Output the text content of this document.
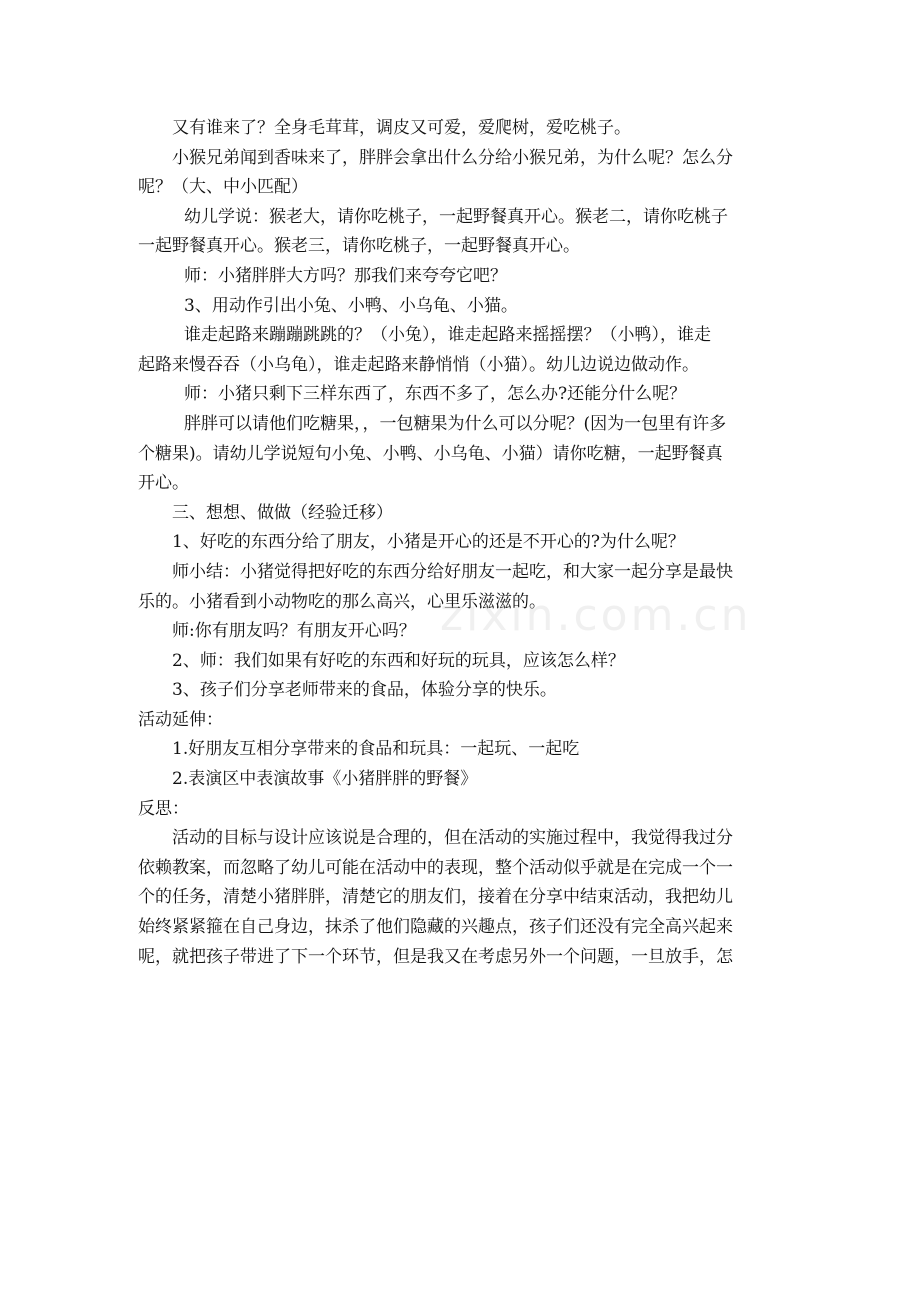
又有谁来了？全身毛茸茸，调皮又可爱，爱爬树，爱吃桃子。

小猴兄弟闻到香味来了，胖胖会拿出什么分给小猴兄弟，为什么呢？怎么分

呢？（大、中小匹配）

幼儿学说：猴老大，请你吃桃子，一起野餐真开心。猴老二，请你吃桃子

一起野餐真开心。猴老三，请你吃桃子，一起野餐真开心。

师：小猪胖胖大方吗？那我们来夸夸它吧？

3、用动作引出小兔、小鸭、小乌龟、小猫。

谁走起路来蹦蹦跳跳的？（小兔），谁走起路来摇摇摆？（小鸭），谁走

起路来慢吞吞（小乌龟），谁走起路来静悄悄（小猫）。幼儿边说边做动作。

师：小猪只剩下三样东西了，东西不多了，怎么办?还能分什么呢？

胖胖可以请他们吃糖果，，一包糖果为什么可以分呢？(因为一包里有许多

个糖果)。请幼儿学说短句小兔、小鸭、小乌龟、小猫）请你吃糖，一起野餐真

开心。

三、想想、做做（经验迁移）

1、好吃的东西分给了朋友，小猪是开心的还是不开心的?为什么呢？

师小结：小猪觉得把好吃的东西分给好朋友一起吃，和大家一起分享是最快

乐的。小猪看到小动物吃的那么高兴，心里乐滋滋的。

师:你有朋友吗？有朋友开心吗？

2、师：我们如果有好吃的东西和好玩的玩具，应该怎么样？

3、孩子们分享老师带来的食品，体验分享的快乐。

活动延伸：

1.好朋友互相分享带来的食品和玩具：一起玩、一起吃

2.表演区中表演故事《小猪胖胖的野餐》

反思：

活动的目标与设计应该说是合理的，但在活动的实施过程中，我觉得我过分

依赖教案，而忽略了幼儿可能在活动中的表现，整个活动似乎就是在完成一个一

个的任务，清楚小猪胖胖，清楚它的朋友们，接着在分享中结束活动，我把幼儿

始终紧紧箍在自己身边，抹杀了他们隐藏的兴趣点，孩子们还没有完全高兴起来

呢，就把孩子带进了下一个环节，但是我又在考虑另外一个问题，一旦放手，怎

zixin.com.cn
